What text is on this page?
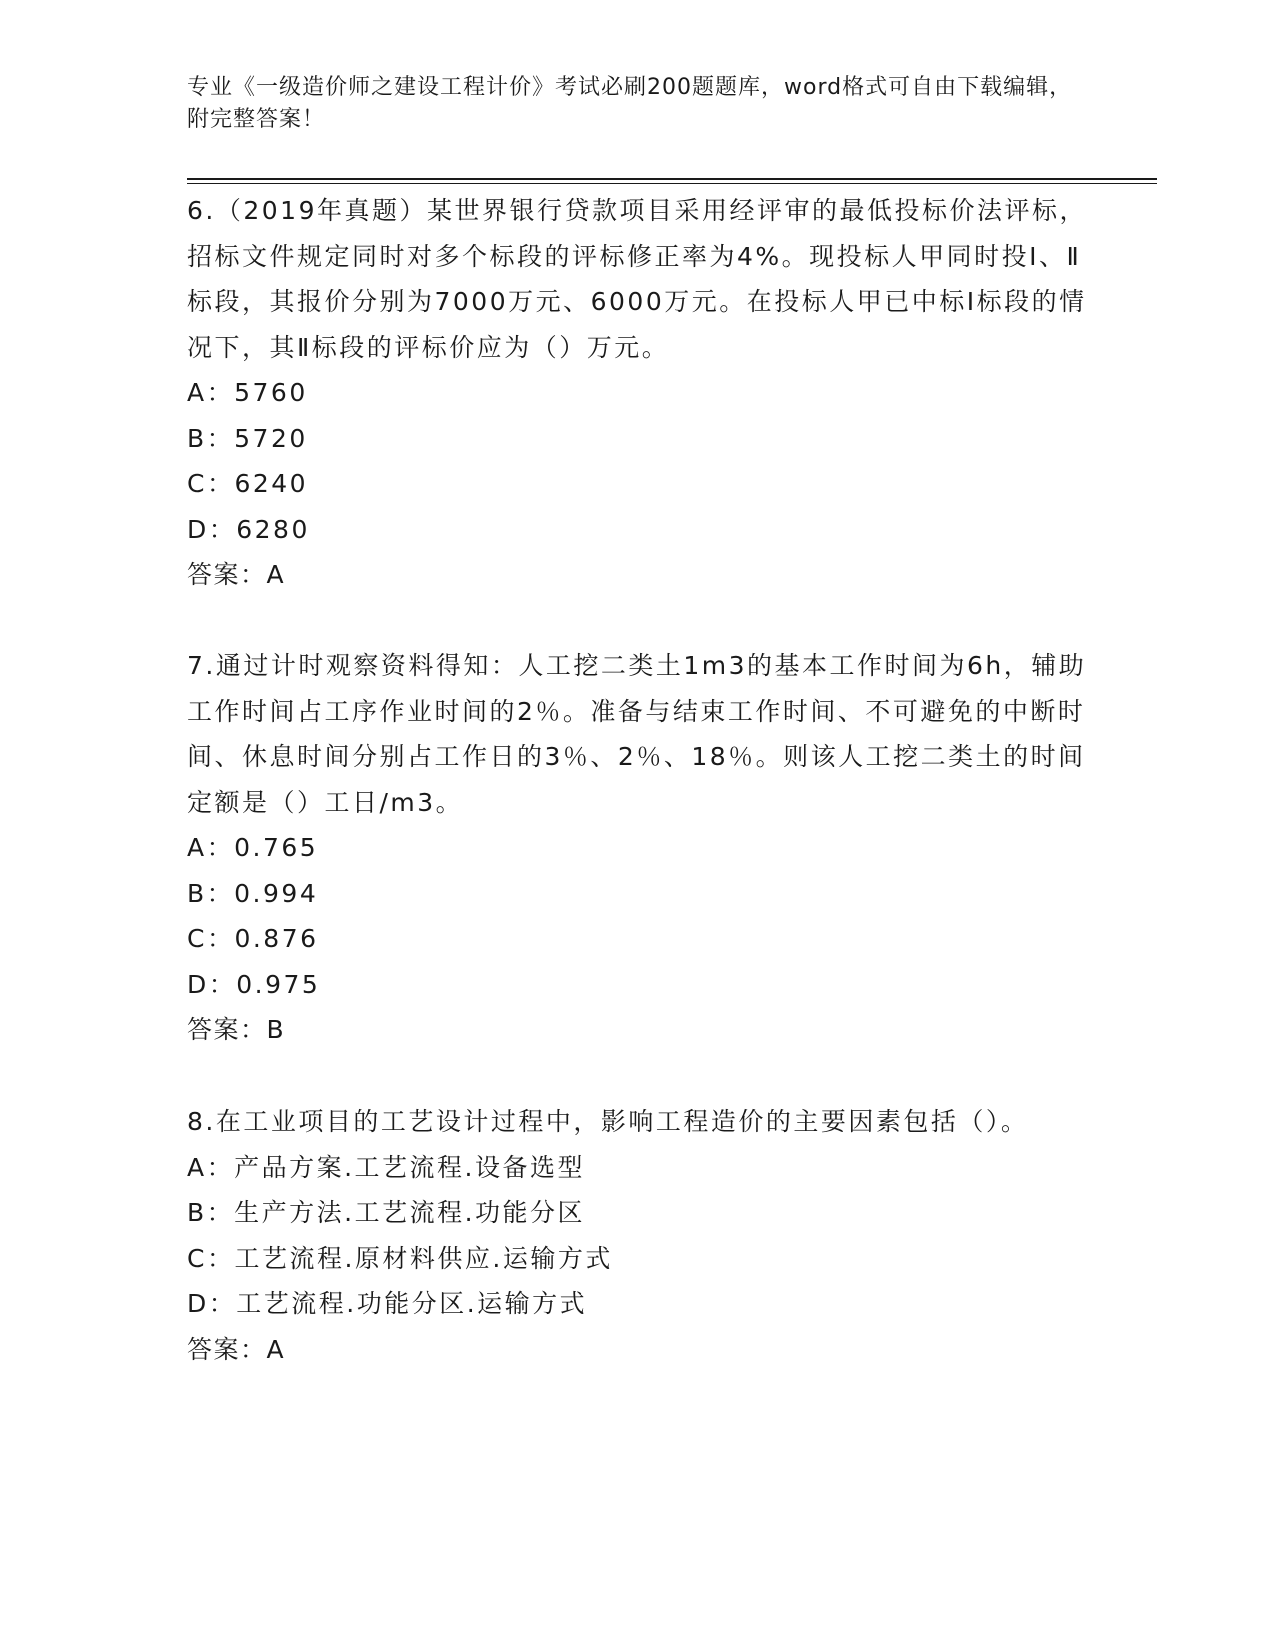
专业《一级造价师之建设工程计价》考试必刷200题题库，word格式可自由下载编辑，附完整答案！

6.（2019年真题）某世界银行贷款项目采用经评审的最低投标价法评标，招标文件规定同时对多个标段的评标修正率为4%。现投标人甲同时投Ⅰ、Ⅱ标段，其报价分别为7000万元、6000万元。在投标人甲已中标Ⅰ标段的情况下，其Ⅱ标段的评标价应为（）万元。

A：5760

B：5720

C：6240

D：6280

答案：A

7.通过计时观察资料得知：人工挖二类土1m3的基本工作时间为6h，辅助工作时间占工序作业时间的2％。准备与结束工作时间、不可避免的中断时间、休息时间分别占工作日的3％、2％、18％。则该人工挖二类土的时间定额是（）工日/m3。

A：0.765

B：0.994

C：0.876

D：0.975

答案：B

8.在工业项目的工艺设计过程中，影响工程造价的主要因素包括（）。

A：产品方案.工艺流程.设备选型

B：生产方法.工艺流程.功能分区

C：工艺流程.原材料供应.运输方式

D：工艺流程.功能分区.运输方式

答案：A
